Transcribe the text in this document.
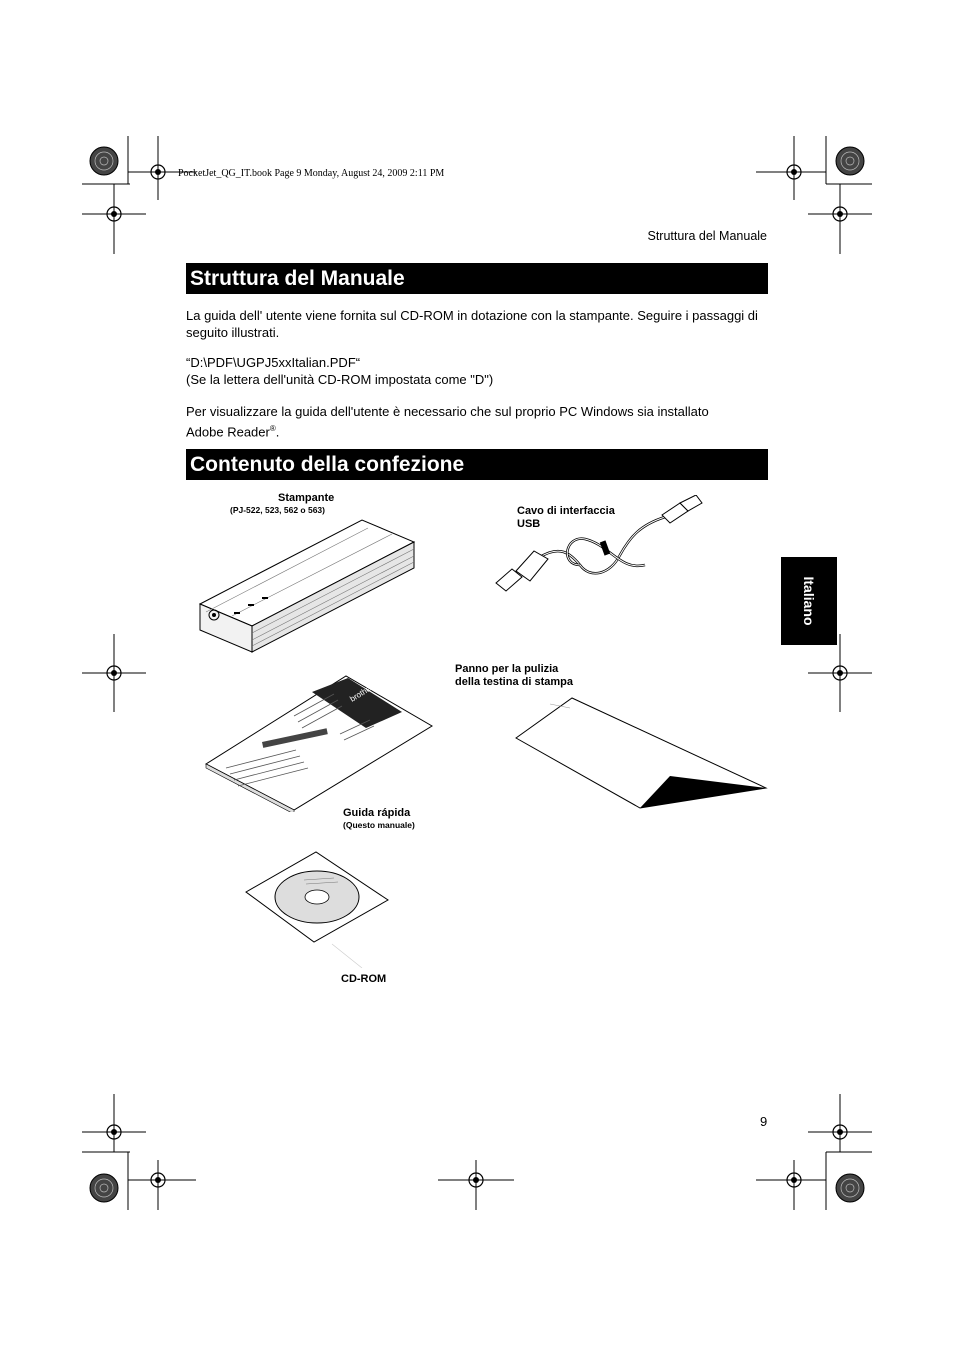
PocketJet_QG_IT.book Page 9 Monday, August 24, 2009 2:11 PM
Struttura del Manuale
Struttura del Manuale
La guida dell' utente viene fornita sul CD-ROM in dotazione con la stampante. Seguire i passaggi di seguito illustrati.
“D:\PDF\UGPJ5xxItalian.PDF“
(Se la lettera dell'unità CD-ROM impostata come "D")
Per visualizzare la guida dell'utente è necessario che sul proprio PC Windows sia installato Adobe Reader®.
Contenuto della confezione
Italiano
Stampante
(PJ-522, 523, 562 o 563)	Cavo di interfaccia
USB
Panno per la pulizia
della testina di stampa
brother
Guida rápida
(Questo manuale)
CD-ROM
9
